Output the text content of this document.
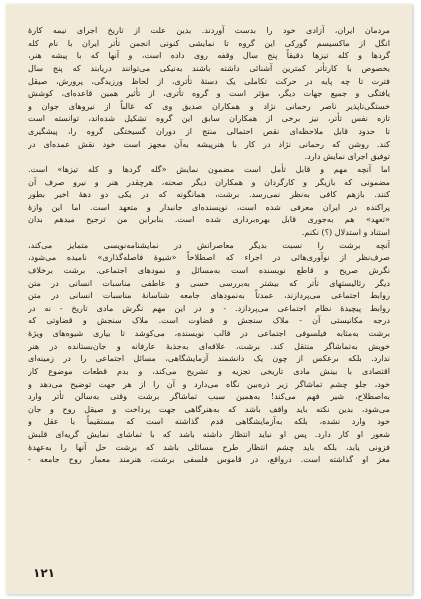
مردمان ایران، آزادی خود را بدست آوردند. بدین علت از تاریخ اجرای نیمه کارهٔ
انگل از ماکسیسم گورکی این گروه تا نمایشی کنونی انجمن تأتر ایران با نام کله
گردها و کله تیزها دقیقاً پنج سال وقفه روی داده است، و آنها که با پیشه هنر،
بخصوص با کارتأتر کمترین آشنائی داشته باشند به‌نیکی می‌توانند دریابند که پنج سال
فترت تا چه پایه در حرکت تکاملی یک دستهٔ تأتری، از لحاظ ورزیدگی، پرورش، صیقل
یافتگی و جمیع جهات دیگر، مؤثر است و گروه تأتری، از تأثیر همین قاعده‌ای، کوشش
خستگی‌ناپذیر ناصر رحمانی نژاد و همکاران صدیق وی که غالباً از نیروهای جوان و
تازه نفس تأتر، نیز برخی از همکاران سابق این گروه تشکیل شده‌اند، توانسته است
تا حدود قابل ملاحظه‌ای نقص احتمالی منتج از دوران گسیختگی گروه را، پیشگیری
کند. روشن که رحمانی نژاد در کار با هنرپیشه به‌آن مجهز است خود نقش عمده‌ای در
توفیق اجرای نمایش دارد.
اما آنچه مهم و قابل تأمل است مضمون نمایش «گله گردها و کله تیزها» است.
مضمونی که بازیگر و کارگردان و همکاران دیگر صحنه، هرچقدر هنر و نیرو صرف آن
کنند. بازهم کافی به‌نظر نمی‌رسد. برشت، همانگونه که در یکی دو دههٔ اخیر بطور
پراکنده در ایران معرفی شده است، نویسنده‌ای جانبدار و متعهد است. اما این وازهٔ
«تعهد» هم به‌جوری قابل بهره‌برداری شده است. بنابراین من ترجیح میدهم بدان
استناد و استدلال (؟) نکنم.
آنچه برشت را نسبت بدیگر معاصرانش در نمایشنامه‌نویسی متمایز می‌کند،
صرف‌نظر از نوآوری‌هائی در اجراء که اصطلاحاً «شیوهٔ فاصله‌گذاری» نامیده می‌شود،
نگرش صریح و قاطع نویسنده است به‌مسائل و نمودهای اجتماعی. برشت برخلاف
دیگر رئالیستهای تأتر که بیشتر به‌بررسی حسی و عاطفی مناسبات انسانی در متن
روابط اجتماعی می‌پردازند، عمدتاً به‌نمودهای جامعه شناسانهٔ مناسبات انسانی در متن
روابط پیچیدهٔ نظام اجتماعی می‌پردازد. - و در این مهم نگرش مادی تاریخ - نه در
درجه مکانیستی آن - ملاک سنجش و قضاوت است. ملاک سنجش و قضاوتی که
برشت به‌مثابه فیلسوفی اجتماعی در قالب نویسنده، می‌کوشد تا بیاری شیوه‌های ویژهٔ
خویش به‌تماشاگر منتقل کند. برشت، علاقه‌ای به‌جذبهٔ عارفانه و جان‌بستانده در هنر
ندارد. بلکه برعکس از چون یک دانشمند آزمایشگاهی، مسائل اجتماعی را در زمینه‌ای
اقتصادی با بینش مادی تاریخی تجزیه و تشریح می‌کند، و بدم قطعات موضوع کار
خود، جلو چشم تماشاگر زیر ذره‌بین نگاه می‌دارد و آن را از هر جهت توضیح می‌دهد و
به‌اصطلاح، شیر فهم می‌کند! به‌همین سبب تماشاگر برشت وقتی به‌سالن تأتر وارد
می‌شود، بدین نکته باید واقف باشد که به‌هنرگاهی جهت پرداخت و صیقل روح و جان
خود وارد نشده، بلکه به‌آزمایشگاهی قدم گذاشته است که مستقیماً با عقل و
شعور او کار دارد. پس او نباید انتظار داشته باشد که با تماشای نمایش گریه‌ای قلبش
فزونی یابد، بلکه باید چشم انتظار طرح مسائلی باشد که برشت حل آنها را به‌عهدهٔ
مغز او گذاشته است. درواقع، در قاموس فلسفی برشت، هنرمند معمار روح جامعه -
۱۲۱
